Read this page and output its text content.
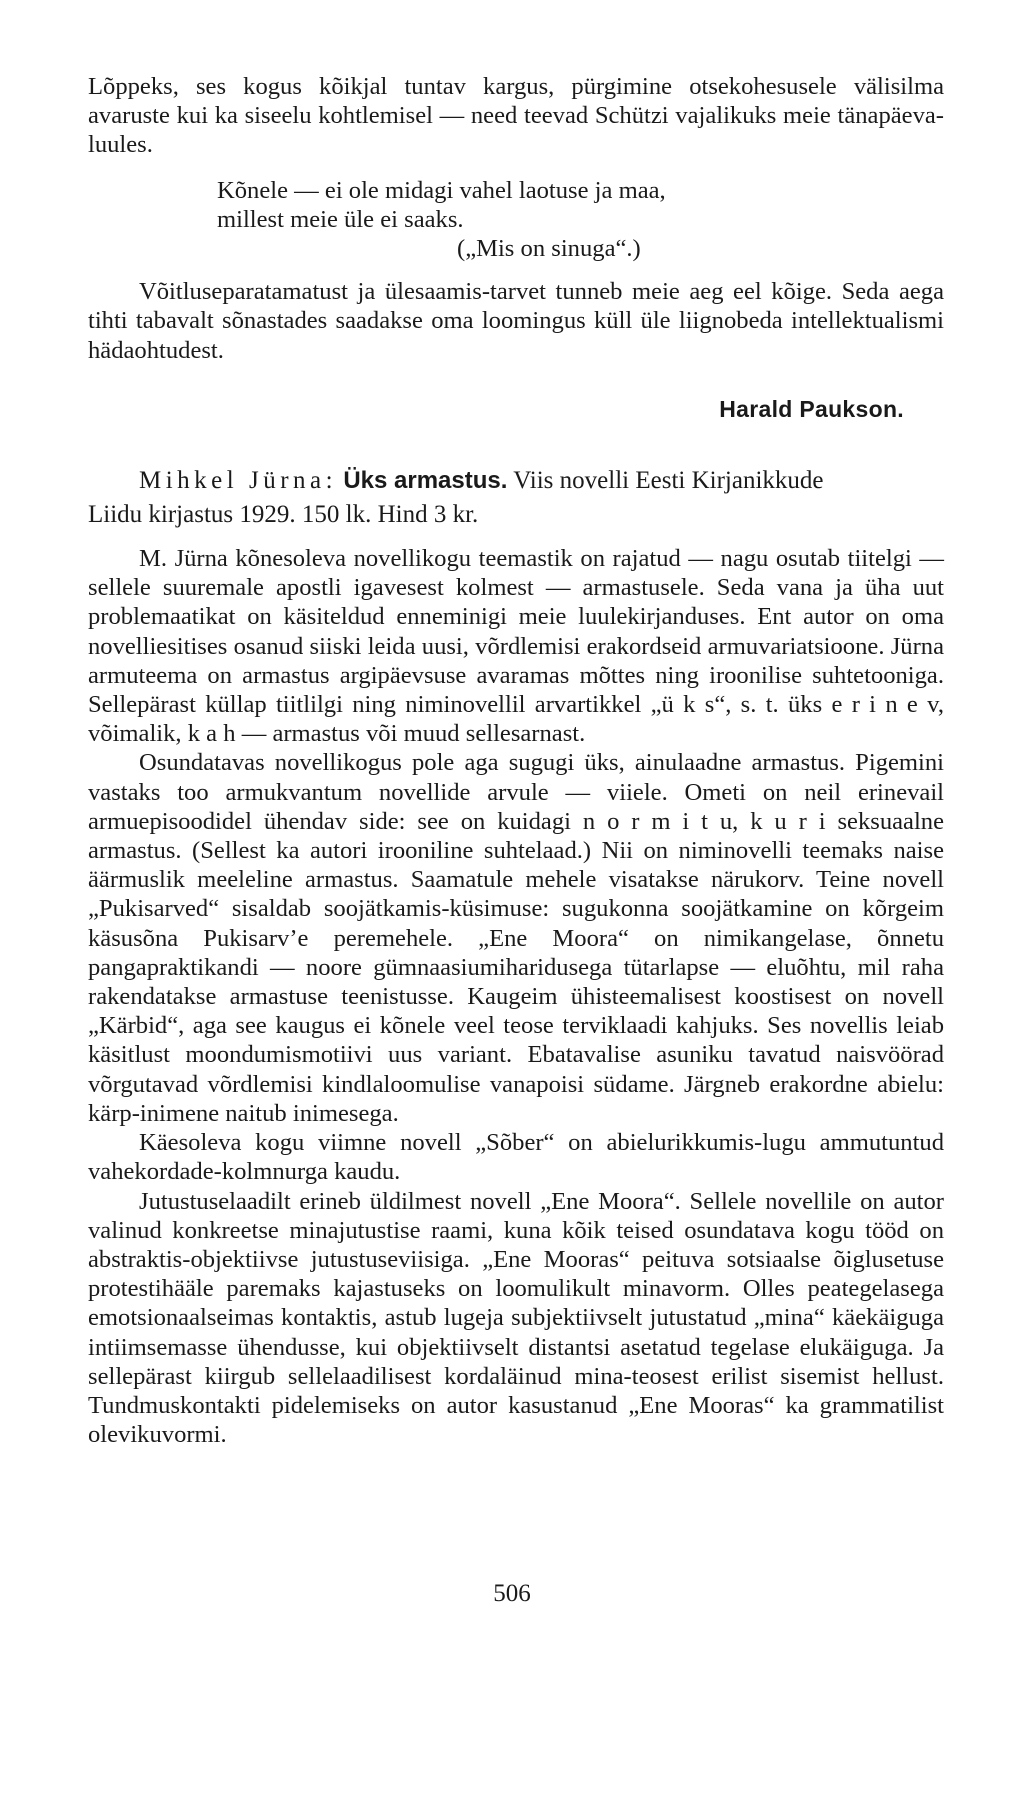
Lõppeks, ses kogus kõikjal tuntav kargus, pürgimine otsekohesusele välisilma avaruste kui ka siseelu kohtlemisel — need teevad Schützi vajalikuks meie tänapäeva-luules.

Kõnele — ei ole midagi vahel laotuse ja maa,
millest meie üle ei saaks.
(„Mis on sinuga“.)

Võitluseparatamatust ja ülesaamis-tarvet tunneb meie aeg eel kõige. Seda aega tihti tabavalt sõnastades saadakse oma loomingus küll üle liignobeda intellektualismi hädaohtudest.

Harald Paukson.
Mihkel Jürna: Üks armastus. Viis novelli Eesti Kirjanikkude
Liidu kirjastus 1929. 150 lk. Hind 3 kr.

M. Jürna kõnesoleva novellikogu teemastik on rajatud — nagu osutab tiitelgi — sellele suuremale apostli igavesest kolmest — armastusele. Seda vana ja üha uut problemaatikat on käsiteldud enneminigi meie luulekirjanduses. Ent autor on oma novelliesitises osanud siiski leida uusi, võrdlemisi erakordseid armuvariatsioone. Jürna armuteema on armastus argipäevsuse avaramas mõttes ning iroonilise suhtetooniga. Sellepärast küllap tiitlilgi ning niminovellil arvartikkel „ü k s“, s. t. üks e r i n e v, võimalik, k a h — armastus või muud sellesarnast.

Osundatavas novellikogus pole aga sugugi üks, ainulaadne armastus. Pigemini vastaks too armukvantum novellide arvule — viiele. Ometi on neil erinevail armuepisoodidel ühendav side: see on kuidagi n o r m i t u, k u r i seksuaalne armastus. (Sellest ka autori irooniline suhtelaad.) Nii on niminovelli teemaks naise äärmuslik meeleline armastus. Saamatule mehele visatakse närukorv. Teine novell „Pukisarved“ sisaldab soojätkamis-küsimuse: sugukonna soojätkamine on kõrgeim käsusõna Pukisarv’e peremehele. „Ene Moora“ on nimikangelase, õnnetu pangapraktikandi — noore gümnaasiumiharidusega tütarlapse — eluõhtu, mil raha rakendatakse armastuse teenistusse. Kaugeim ühisteemalisest koostisest on novell „Kärbid“, aga see kaugus ei kõnele veel teose terviklaadi kahjuks. Ses novellis leiab käsitlust moondumismotiivi uus variant. Ebatavalise asuniku tavatud naisvöörad võrgutavad võrdlemisi kindlaloomulise vanapoisi südame. Järgneb erakordne abielu: kärp-inimene naitub inimesega.

Käesoleva kogu viimne novell „Sõber“ on abielurikkumis-lugu ammutuntud vahekordade-kolmnurga kaudu.

Jutustuselaadilt erineb üldilmest novell „Ene Moora“. Sellele novellile on autor valinud konkreetse minajutustise raami, kuna kõik teised osundatava kogu tööd on abstraktis-objektiivse jutustuseviisiga. „Ene Mooras“ peituva sotsiaalse õiglusetuse protestihääle paremaks kajastuseks on loomulikult minavorm. Olles peategelasega emotsionaalseimas kontaktis, astub lugeja subjektiivselt jutustatud „mina“ käekäiguga intiimsemasse ühendusse, kui objektiivselt distantsi asetatud tegelase elukäiguga. Ja sellepärast kiirgub sellelaadilisest kordaläinud mina-teosest erilist sisemist hellust. Tundmuskontakti pidelemiseks on autor kasustanud „Ene Mooras“ ka grammatilist olevikuvormi.

506
